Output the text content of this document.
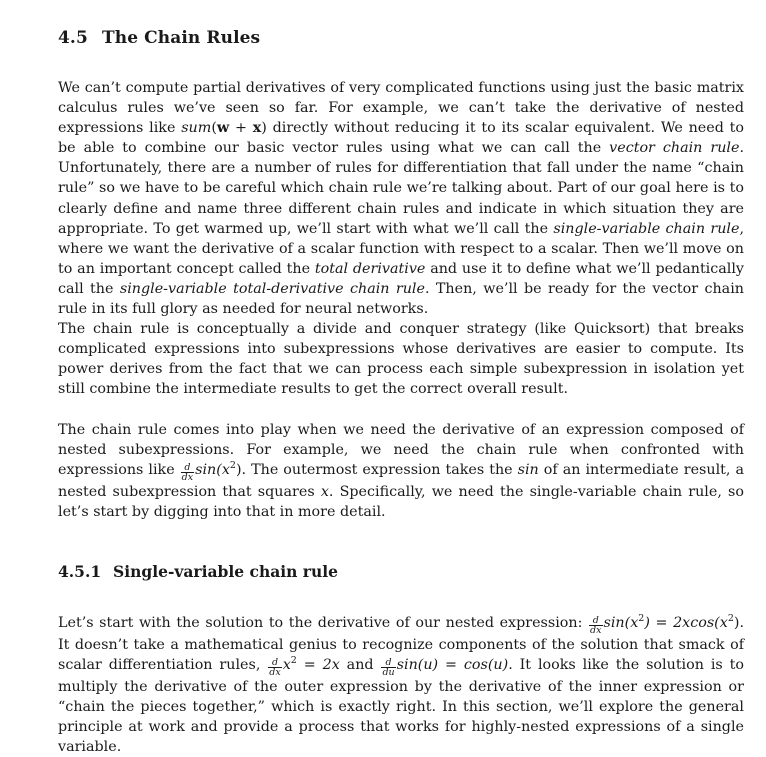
4.5 The Chain Rules

We can’t compute partial derivatives of very complicated functions using just the basic matrix calculus rules we’ve seen so far. For example, we can’t take the derivative of nested expressions like sum(w + x) directly without reducing it to its scalar equivalent. We need to be able to combine our basic vector rules using what we can call the vector chain rule. Unfortunately, there are a number of rules for differentiation that fall under the name “chain rule” so we have to be careful which chain rule we’re talking about. Part of our goal here is to clearly define and name three different chain rules and indicate in which situation they are appropriate. To get warmed up, we’ll start with what we’ll call the single-variable chain rule, where we want the derivative of a scalar function with respect to a scalar. Then we’ll move on to an important concept called the total derivative and use it to define what we’ll pedantically call the single-variable total-derivative chain rule. Then, we’ll be ready for the vector chain rule in its full glory as needed for neural networks.

The chain rule is conceptually a divide and conquer strategy (like Quicksort) that breaks complicated expressions into subexpressions whose derivatives are easier to compute. Its power derives from the fact that we can process each simple subexpression in isolation yet still combine the intermediate results to get the correct overall result.

The chain rule comes into play when we need the derivative of an expression composed of nested subexpressions. For example, we need the chain rule when confronted with expressions like $\frac{d}{dx} \sin(x^2)$. The outermost expression takes the sin of an intermediate result, a nested subexpression that squares x. Specifically, we need the single-variable chain rule, so let’s start by digging into that in more detail.

4.5.1 Single-variable chain rule

Let’s start with the solution to the derivative of our nested expression: $\frac{d}{dx} \sin(x^2) = 2xcos(x^2)$. It doesn’t take a mathematical genius to recognize components of the solution that smack of scalar differentiation rules, $\frac{d}{dx} x^2 = 2x$ and $\frac{d}{du} \sin(u) = \cos(u)$. It looks like the solution is to multiply the derivative of the outer expression by the derivative of the inner expression or “chain the pieces together,” which is exactly right. In this section, we’ll explore the general principle at work and provide a process that works for highly-nested expressions of a single variable.
